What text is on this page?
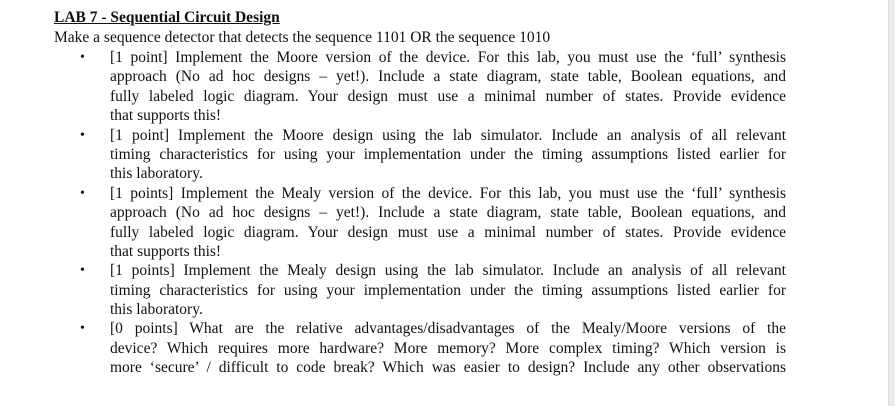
LAB 7 - Sequential Circuit Design
Make a sequence detector that detects the sequence 1101 OR the sequence 1010
• [1 point] Implement the Moore version of the device. For this lab, you must use the ‘full’ synthesis
approach (No ad hoc designs – yet!). Include a state diagram, state table, Boolean equations, and
fully labeled logic diagram. Your design must use a minimal number of states. Provide evidence
that supports this!
• [1 point] Implement the Moore design using the lab simulator. Include an analysis of all relevant
timing characteristics for using your implementation under the timing assumptions listed earlier for
this laboratory.
• [1 points] Implement the Mealy version of the device. For this lab, you must use the ‘full’ synthesis
approach (No ad hoc designs – yet!). Include a state diagram, state table, Boolean equations, and
fully labeled logic diagram. Your design must use a minimal number of states. Provide evidence
that supports this!
• [1 points] Implement the Mealy design using the lab simulator. Include an analysis of all relevant
timing characteristics for using your implementation under the timing assumptions listed earlier for
this laboratory.
• [0 points] What are the relative advantages/disadvantages of the Mealy/Moore versions of the
device? Which requires more hardware? More memory? More complex timing? Which version is
more ‘secure’ / difficult to code break? Which was easier to design? Include any other observations
